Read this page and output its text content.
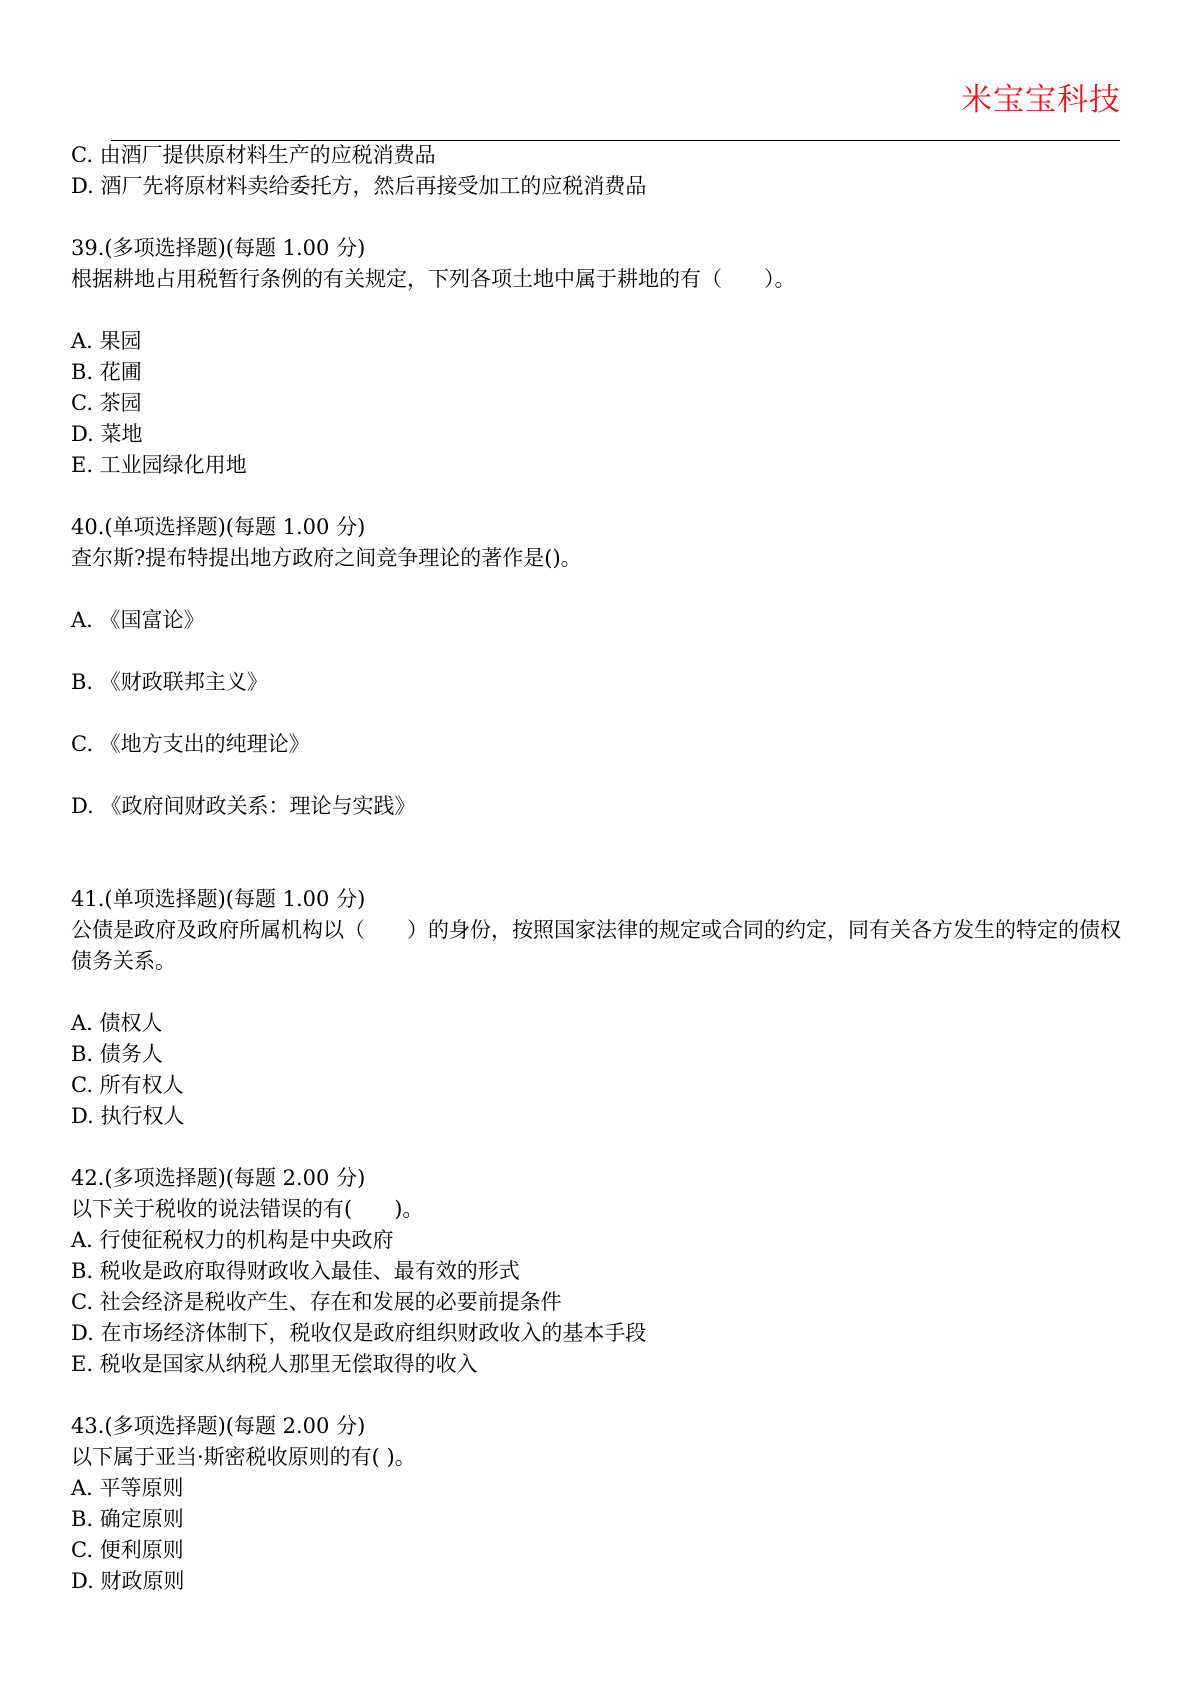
米宝宝科技
C. 由酒厂提供原材料生产的应税消费品
D. 酒厂先将原材料卖给委托方，然后再接受加工的应税消费品
39.(多项选择题)(每题 1.00 分)
根据耕地占用税暂行条例的有关规定，下列各项土地中属于耕地的有（　　）。
A. 果园
B. 花圃
C. 茶园
D. 菜地
E. 工业园绿化用地
40.(单项选择题)(每题 1.00 分)
查尔斯?提布特提出地方政府之间竞争理论的著作是()。
A. 《国富论》
B. 《财政联邦主义》
C. 《地方支出的纯理论》
D. 《政府间财政关系：理论与实践》
41.(单项选择题)(每题 1.00 分)
公债是政府及政府所属机构以（　　）的身份，按照国家法律的规定或合同的约定，同有关各方发生的特定的债权债务关系。
A. 债权人
B. 债务人
C. 所有权人
D. 执行权人
42.(多项选择题)(每题 2.00 分)
以下关于税收的说法错误的有(　　)。
A. 行使征税权力的机构是中央政府
B. 税收是政府取得财政收入最佳、最有效的形式
C. 社会经济是税收产生、存在和发展的必要前提条件
D. 在市场经济体制下，税收仅是政府组织财政收入的基本手段
E. 税收是国家从纳税人那里无偿取得的收入
43.(多项选择题)(每题 2.00 分)
以下属于亚当·斯密税收原则的有( )。
A. 平等原则
B. 确定原则
C. 便利原则
D. 财政原则
